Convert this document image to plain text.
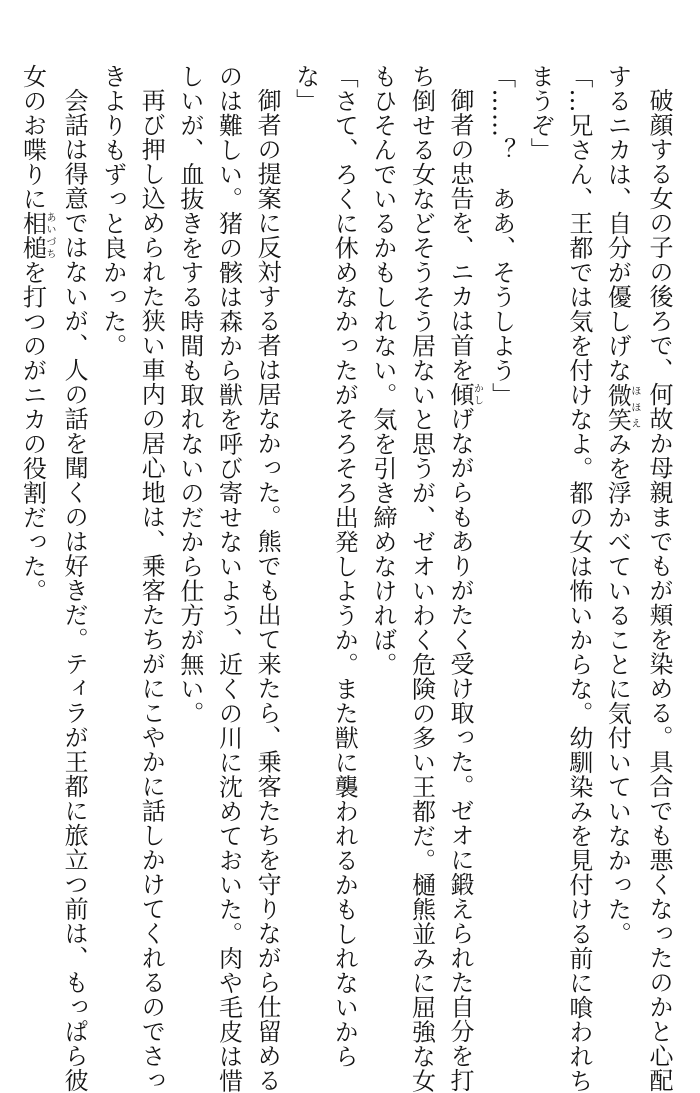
破顔する女の子の後ろで、何故か母親までもが頬を染める。具合でも悪くなったのかと心配

するニカは、自分が優しげな微笑ほほえみを浮かべていることに気付いていなかった。

「…兄さん、王都では気を付けなよ。都の女は怖いからな。幼馴染みを見付ける前に喰われち

まうぞ」

「……？　ああ、そうしよう」

御者の忠告を、ニカは首を傾かしげながらもありがたく受け取った。ゼオに鍛えられた自分を打

ち倒せる女などそうそう居ないと思うが、ゼオいわく危険の多い王都だ。樋熊並みに屈強な女

もひそんでいるかもしれない。気を引き締めなければ。

「さて、ろくに休めなかったがそろそろ出発しようか。また獣に襲われるかもしれないから

な」

御者の提案に反対する者は居なかった。熊でも出て来たら、乗客たちを守りながら仕留める

のは難しい。猪の骸は森から獣を呼び寄せないよう、近くの川に沈めておいた。肉や毛皮は惜

しいが、血抜きをする時間も取れないのだから仕方が無い。

再び押し込められた狭い車内の居心地は、乗客たちがにこやかに話しかけてくれるのでさっ

きよりもずっと良かった。

会話は得意ではないが、人の話を聞くのは好きだ。ティラが王都に旅立つ前は、もっぱら彼

女のお喋りに相槌あいづちを打つのがニカの役割だった。
